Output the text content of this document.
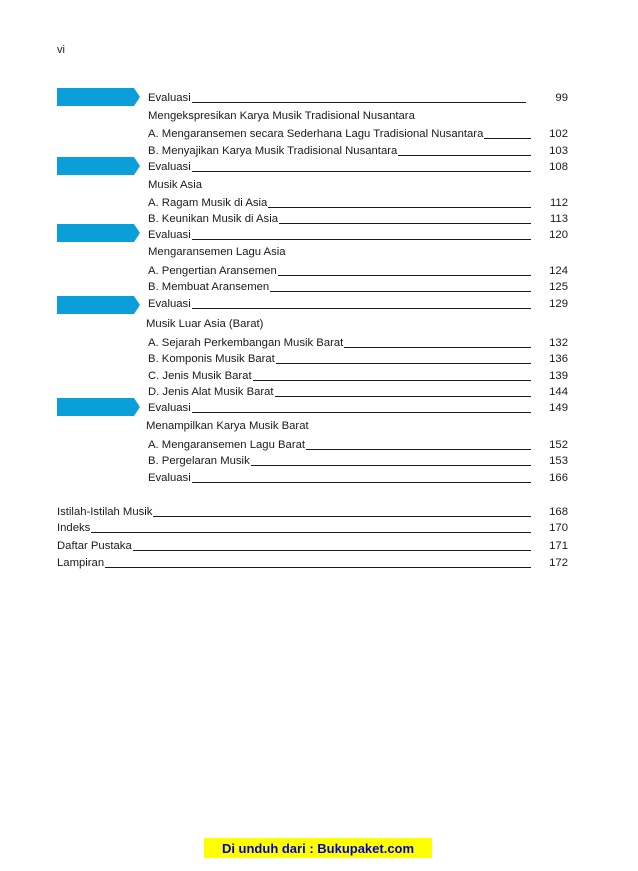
vi
Evaluasi	99
Mengekspresikan Karya Musik Tradisional Nusantara
A. Mengaransemen secara Sederhana Lagu Tradisional Nusantara	102
B. Menyajikan Karya Musik Tradisional Nusantara	103
Evaluasi	108
Musik Asia
A. Ragam Musik di Asia	112
B. Keunikan Musik di Asia	113
Evaluasi	120
Mengaransemen Lagu Asia
A. Pengertian Aransemen	124
B. Membuat Aransemen	125
Evaluasi	129
Musik Luar Asia (Barat)
A. Sejarah Perkembangan Musik Barat	132
B. Komponis Musik Barat	136
C. Jenis Musik Barat	139
D. Jenis Alat Musik Barat	144
Evaluasi	149
Menampilkan Karya Musik Barat
A. Mengaransemen Lagu Barat	152
B. Pergelaran Musik	153
Evaluasi	166
Istilah-Istilah Musik	168
Indeks	170
Daftar Pustaka	171
Lampiran	172
Di unduh dari : Bukupaket.com
